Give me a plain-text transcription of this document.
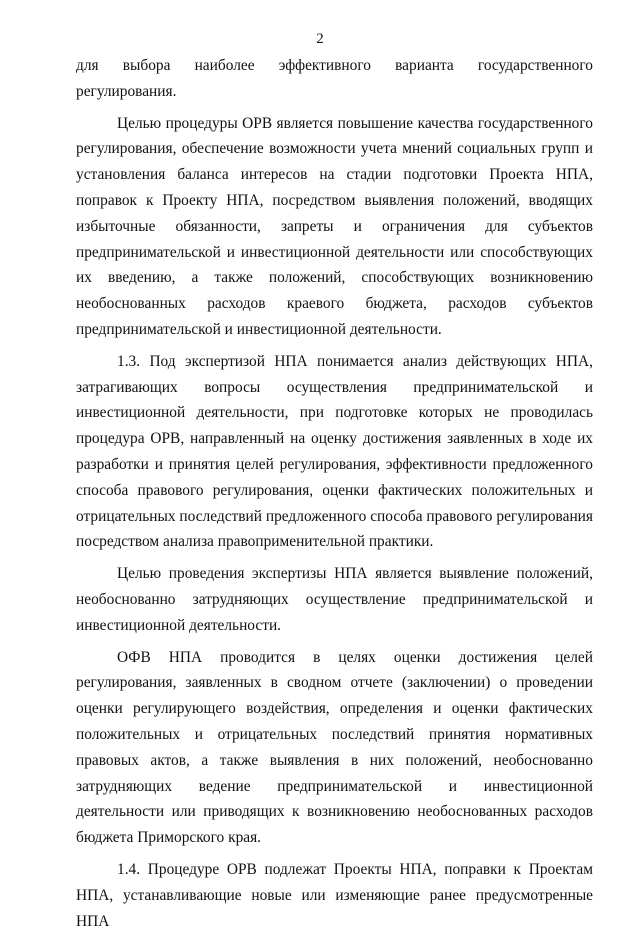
2

для выбора наиболее эффективного варианта государственного регулирования.

Целью процедуры ОРВ является повышение качества государственного регулирования, обеспечение возможности учета мнений социальных групп и установления баланса интересов на стадии подготовки Проекта НПА, поправок к Проекту НПА, посредством выявления положений, вводящих избыточные обязанности, запреты и ограничения для субъектов предпринимательской и инвестиционной деятельности или способствующих их введению, а также положений, способствующих возникновению необоснованных расходов краевого бюджета, расходов субъектов предпринимательской и инвестиционной деятельности.

1.3. Под экспертизой НПА понимается анализ действующих НПА, затрагивающих вопросы осуществления предпринимательской и инвестиционной деятельности, при подготовке которых не проводилась процедура ОРВ, направленный на оценку достижения заявленных в ходе их разработки и принятия целей регулирования, эффективности предложенного способа правового регулирования, оценки фактических положительных и отрицательных последствий предложенного способа правового регулирования посредством анализа правоприменительной практики.

Целью проведения экспертизы НПА является выявление положений, необоснованно затрудняющих осуществление предпринимательской и инвестиционной деятельности.

ОФВ НПА проводится в целях оценки достижения целей регулирования, заявленных в сводном отчете (заключении) о проведении оценки регулирующего воздействия, определения и оценки фактических положительных и отрицательных последствий принятия нормативных правовых актов, а также выявления в них положений, необоснованно затрудняющих ведение предпринимательской и инвестиционной деятельности или приводящих к возникновению необоснованных расходов бюджета Приморского края.

1.4. Процедуре ОРВ подлежат Проекты НПА, поправки к Проектам НПА, устанавливающие новые или изменяющие ранее предусмотренные НПА
